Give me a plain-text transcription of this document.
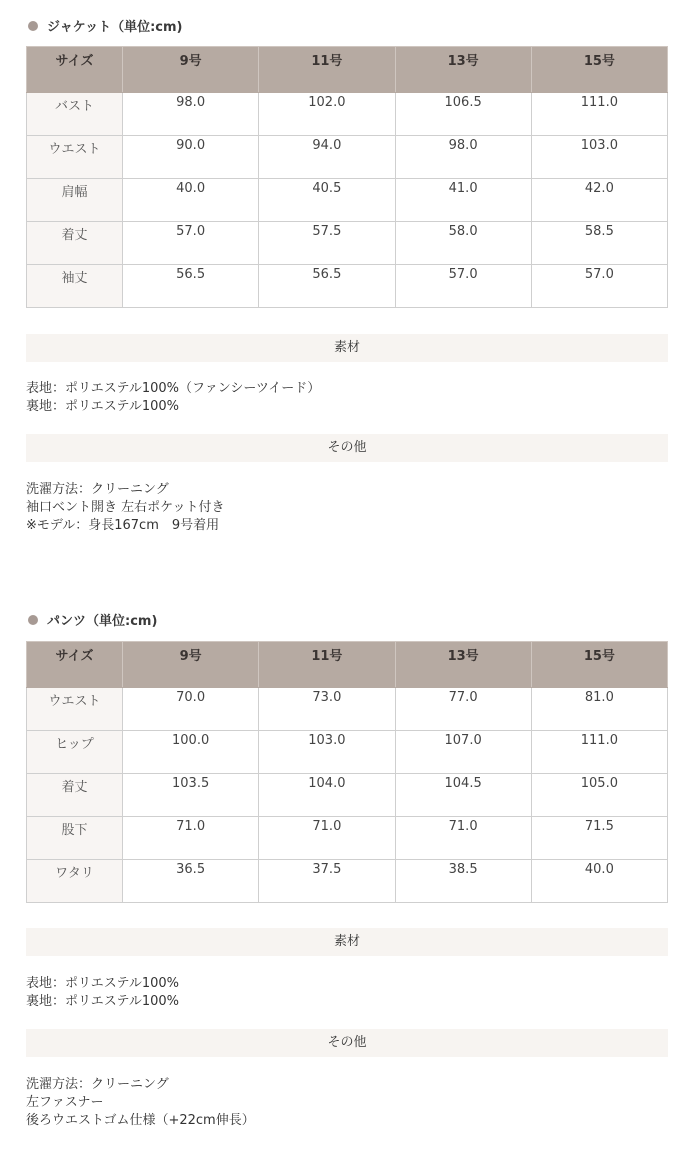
ジャケット（単位:cm)
サイズ	9号	11号	13号	15号
バスト	98.0	102.0	106.5	111.0
ウエスト	90.0	94.0	98.0	103.0
肩幅	40.0	40.5	41.0	42.0
着丈	57.0	57.5	58.0	58.5
袖丈	56.5	56.5	57.0	57.0
素材
表地：ポリエステル100%（ファンシーツイード）
裏地：ポリエステル100%
その他
洗濯方法：クリーニング
袖口ベント開き 左右ポケット付き
※モデル：身長167cm　9号着用
パンツ（単位:cm)
サイズ	9号	11号	13号	15号
ウエスト	70.0	73.0	77.0	81.0
ヒップ	100.0	103.0	107.0	111.0
着丈	103.5	104.0	104.5	105.0
股下	71.0	71.0	71.0	71.5
ワタリ	36.5	37.5	38.5	40.0
素材
表地：ポリエステル100%
裏地：ポリエステル100%
その他
洗濯方法：クリーニング
左ファスナー
後ろウエストゴム仕様（+22cm伸長）
